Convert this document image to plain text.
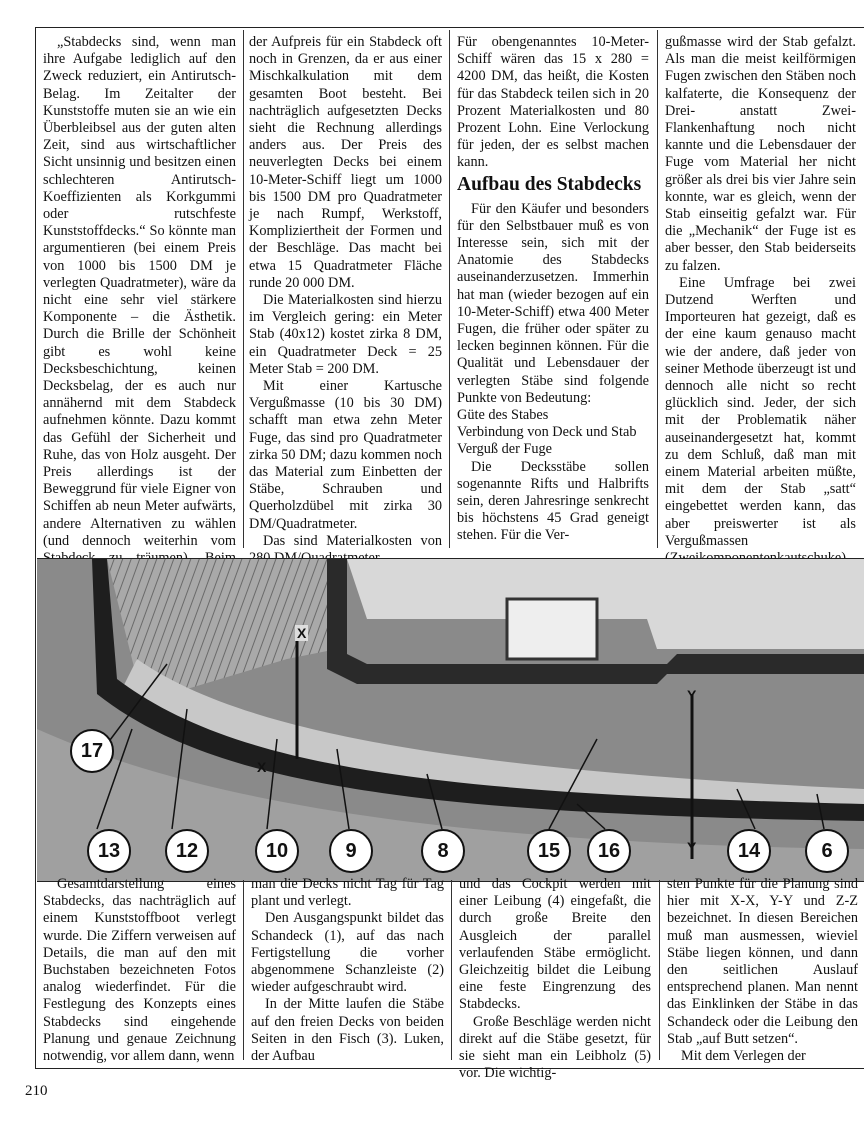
„Stabdecks sind, wenn man ihre Aufgabe lediglich auf den Zweck reduziert, ein Antirutsch-Belag. Im Zeitalter der Kunststoffe muten sie an wie ein Überbleibsel aus der guten alten Zeit, sind aus wirtschaftlicher Sicht unsinnig und besitzen einen schlechteren Antirutsch-Koeffizienten als Korkgummi oder rutschfeste Kunststoffdecks.“ So könnte man argumentieren (bei einem Preis von 1000 bis 1500 DM je verlegten Quadratmeter), wäre da nicht eine sehr viel stärkere Komponente – die Ästhetik. Durch die Brille der Schönheit gibt es wohl keine Decksbeschichtung, keinen Decksbelag, der es auch nur annähernd mit dem Stabdeck aufnehmen könnte. Dazu kommt das Gefühl der Sicherheit und Ruhe, das von Holz ausgeht. Der Preis allerdings ist der Beweggrund für viele Eigner von Schiffen ab neun Meter aufwärts, andere Alternativen zu wählen (und dennoch weiterhin vom

der Aufpreis für ein Stabdeck oft noch in Grenzen, da er aus einer Mischkalkulation mit dem gesamten Boot besteht. Bei nachträglich aufgesetzten Decks sieht die Rechnung allerdings anders aus. Der Preis des neuverlegten Decks bei einem 10-Meter-Schiff liegt um 1000 bis 1500 DM pro Quadratmeter je nach Rumpf, Werkstoff, Kompliziertheit der Formen und der Beschläge. Das macht bei etwa 15 Quadratmeter Fläche runde 20 000 DM.

Die Materialkosten sind hierzu im Vergleich gering: ein Meter Stab (40x12) kostet zirka 8 DM, ein Quadratmeter Deck = 25 Meter Stab = 200 DM.

Mit einer Kartusche Vergußmasse (10 bis 30 DM) schafft man etwa zehn Meter Fuge, das sind pro Quadratmeter zirka 50 DM; dazu kommen noch das Material zum Einbetten der Stäbe, Schrauben und Querholzdübel mit zirka 30 DM/Quadratmeter.

Das sind Materialkosten von

Für obengenanntes 10-Meter-Schiff wären das 15 x 280 = 4200 DM, das heißt, die Kosten für das Stabdeck teilen sich in 20 Prozent Materialkosten und 80 Prozent Lohn. Eine Verlockung für jeden, der es selbst machen kann.

Aufbau des Stabdecks

Für den Käufer und besonders für den Selbstbauer muß es von Interesse sein, sich mit der Anatomie des Stabdecks auseinanderzusetzen. Immerhin hat man (wieder bezogen auf ein 10-Meter-Schiff) etwa 400 Meter Fugen, die früher oder später zu lecken beginnen können. Für die Qualität und Lebensdauer der verlegten Stäbe sind folgende Punkte von Bedeutung:

Güte des Stabes

Verbindung von Deck und Stab

Verguß der Fuge

Die Decksstäbe sollen sogenannte Rifts und Halbrifts sein, deren Jahresringe senkrecht bis höchstens 45 Grad geneigt stehen. Für die Ver-

gußmasse wird der Stab gefalzt. Als man die meist keilförmigen Fugen zwischen den Stäben noch kalfaterte, die Konsequenz der Drei- anstatt Zwei-Flankenhaftung noch nicht kannte und die Lebensdauer der Fuge vom Material her nicht größer als drei bis vier Jahre sein konnte, war es gleich, wenn der Stab einseitig gefalzt war. Für die „Mechanik“ der Fuge ist es aber besser, den Stab beiderseits zu falzen.

Eine Umfrage bei zwei Dutzend Werften und Importeuren hat gezeigt, daß es der eine kaum genauso macht wie der andere, daß jeder von seiner Methode überzeugt ist und dennoch alle nicht so recht glücklich sind. Jeder, der sich mit der Problematik näher auseinandergesetzt hat, kommt zu dem Schluß, daß man mit einem Material arbeiten müßte, mit dem der Stab „satt“ eingebettet werden kann, das aber preiswerter ist als Vergußmassen

X
X
Y
Y
17
13	12	10	9	8	15	16	14	6

Gesamtdarstellung eines Stabdecks, das nachträglich auf einem Kunststoffboot verlegt wurde. Die Ziffern verweisen auf Details, die man auf den mit Buchstaben bezeichneten Fotos analog wiederfindet. Für die Festlegung des Konzepts eines Stabdecks sind eingehende Planung und genaue Zeichnung notwendig, vor allem dann, wenn

man die Decks nicht Tag für Tag plant und verlegt.

Den Ausgangspunkt bildet das Schandeck (1), auf das nach Fertigstellung die vorher abgenommene Schanzleiste (2) wieder aufgeschraubt wird.

In der Mitte laufen die Stäbe auf den freien Decks von beiden Seiten in den Fisch (3). Luken, der Aufbau

und das Cockpit werden mit einer Leibung (4) eingefaßt, die durch große Breite den Ausgleich der parallel verlaufenden Stäbe ermöglicht. Gleichzeitig bildet die Leibung eine feste Eingrenzung des Stabdecks.

Große Beschläge werden nicht direkt auf die Stäbe gesetzt, für sie sieht man ein Leibholz (5) vor. Die wichtig-

sten Punkte für die Planung sind hier mit X-X, Y-Y und Z-Z bezeichnet. In diesen Bereichen muß man ausmessen, wieviel Stäbe liegen können, und dann den seitlichen Auslauf entsprechend planen. Man nennt das Einklinken der Stäbe in das Schandeck oder die Leibung den Stab „auf Butt setzen“.

Mit dem Verlegen der

210
